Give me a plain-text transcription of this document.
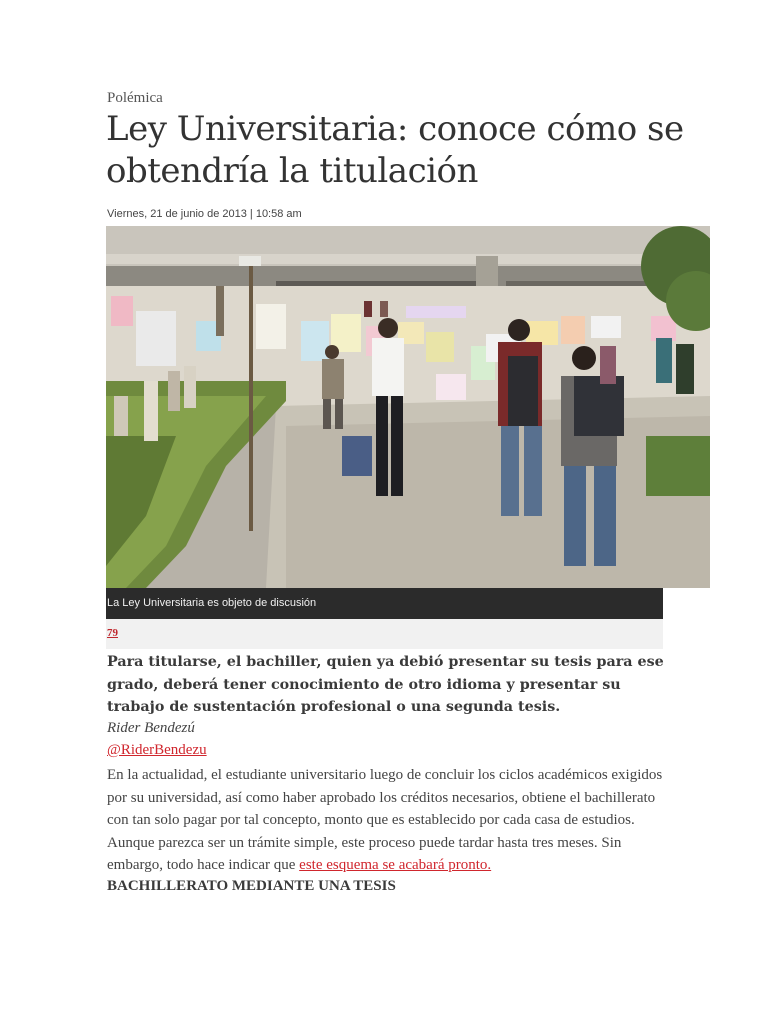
Polémica
Ley Universitaria: conoce cómo se obtendría la titulación
Viernes, 21 de junio de 2013 | 10:58 am
La Ley Universitaria es objeto de discusión
79

Para titularse, el bachiller, quien ya debió presentar su tesis para ese grado, deberá tener conocimiento de otro idioma y presentar su trabajo de sustentación profesional o una segunda tesis.

Rider Bendezú
@RiderBendezu

En la actualidad, el estudiante universitario luego de concluir los ciclos académicos exigidos por su universidad, así como haber aprobado los créditos necesarios, obtiene el bachillerato con tan solo pagar por tal concepto, monto que es establecido por cada casa de estudios. Aunque parezca ser un trámite simple, este proceso puede tardar hasta tres meses. Sin embargo, todo hace indicar que este esquema se acabará pronto.

BACHILLERATO MEDIANTE UNA TESIS
